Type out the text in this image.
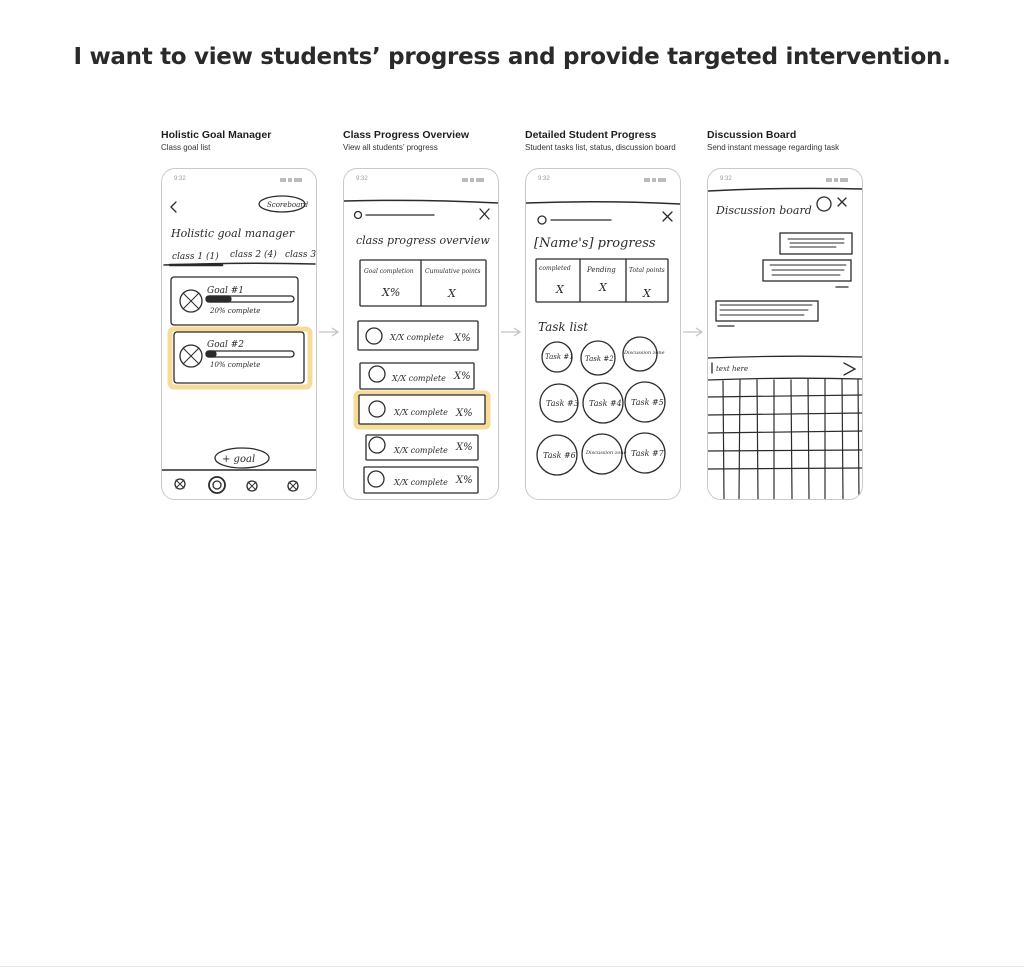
I want to view students’ progress and provide targeted intervention.

Holistic Goal Manager

Class goal list

Class Progress Overview

View all students’ progress

Detailed Student Progress

Student tasks list, status, discussion board

Discussion Board

Send instant message regarding task

9:32
Scoreboard
Holistic goal manager
class 1 (1) class 2 (4) class 3
Goal #1
20% complete
Goal #2
10% complete
+ goal
9:32
class progress overview
Goal completion
X%
Cumulative points
X
X/X complete X%
X/X complete X%
X/X complete X%
X/X complete X%
X/X complete X%
9:32
[Name's] progress
completed
X
Pending
X
Total points
X
Task list
Task #1 Task #2
Discussion zone
Task #3 Task #4 Task #5
Task #6 Discussion zone Task #7
9:32
Discussion board
text here
